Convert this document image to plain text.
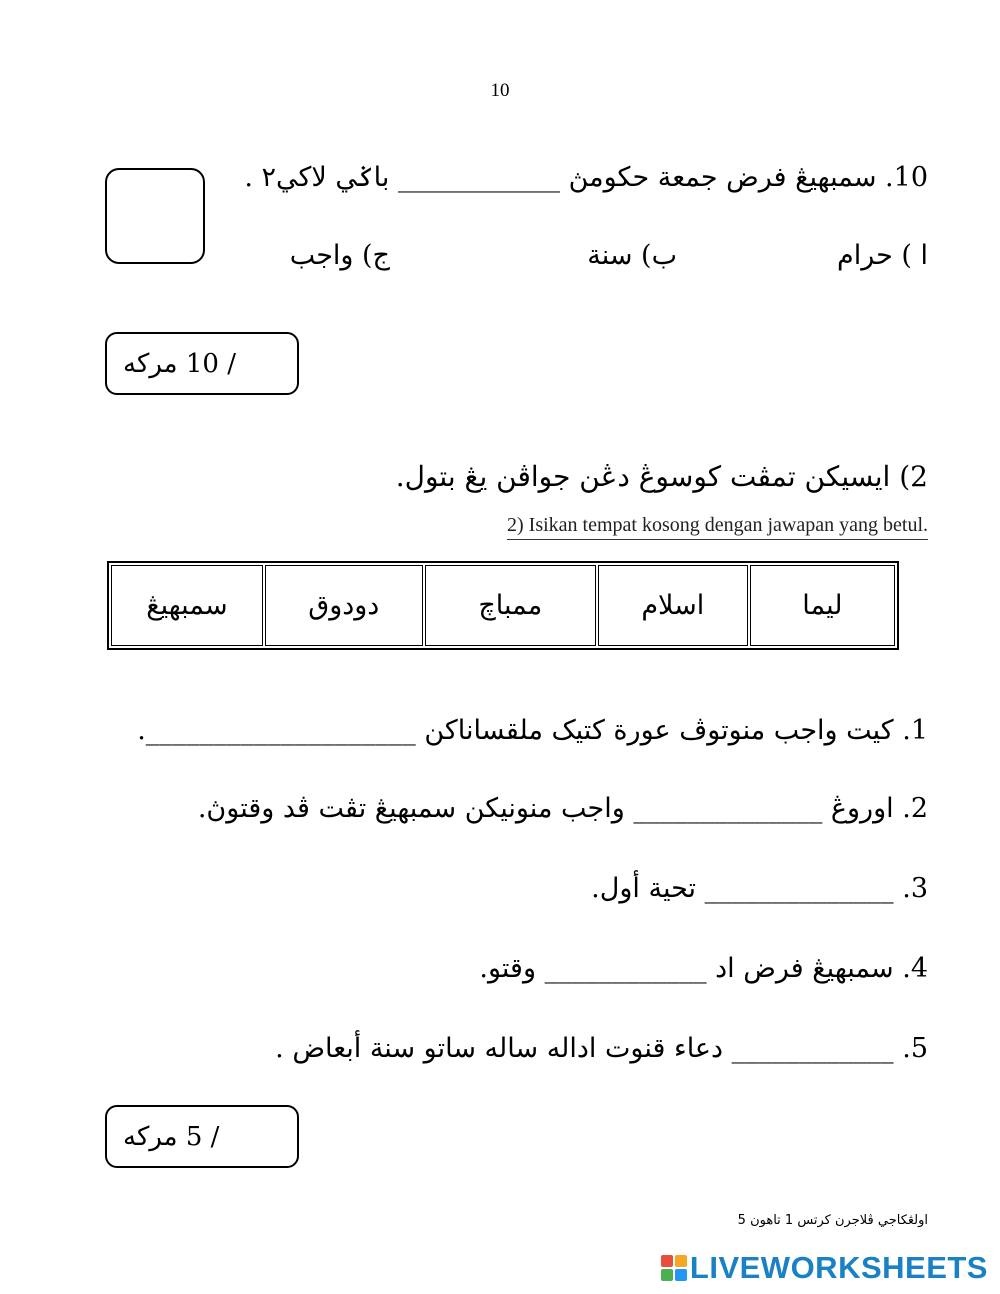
10
10. سمبهيڠ فرض جمعة حکومڽ ____________ باݢي لاکي٢ .
ا ) حرام
ب) سنة
ج) واجب
/ 10 مرکه
2) ايسيکن تمڤت کوسوڠ دڠن جواڤن يڠ بتول.
2) Isikan tempat kosong dengan jawapan yang betul.
سمبهيڠ	دودوق	ممباچ	اسلام	ليما
1. کيت واجب منوتوڤ عورة کتيک ملقساناکن ____________________.
2. اوروڠ ______________ واجب منونيکن سمبهيڠ تڤت ڤد وقتوڽ.
3. ______________ تحية أول.
4. سمبهيڠ فرض اد ____________ وقتو.
5. ____________ دعاء قنوت اداله ساله ساتو سنة أبعاض .
/ 5 مرکه
اولڠکاجي ڤلاجرن کرتس 1 تاهون 5
LIVEWORKSHEETS
